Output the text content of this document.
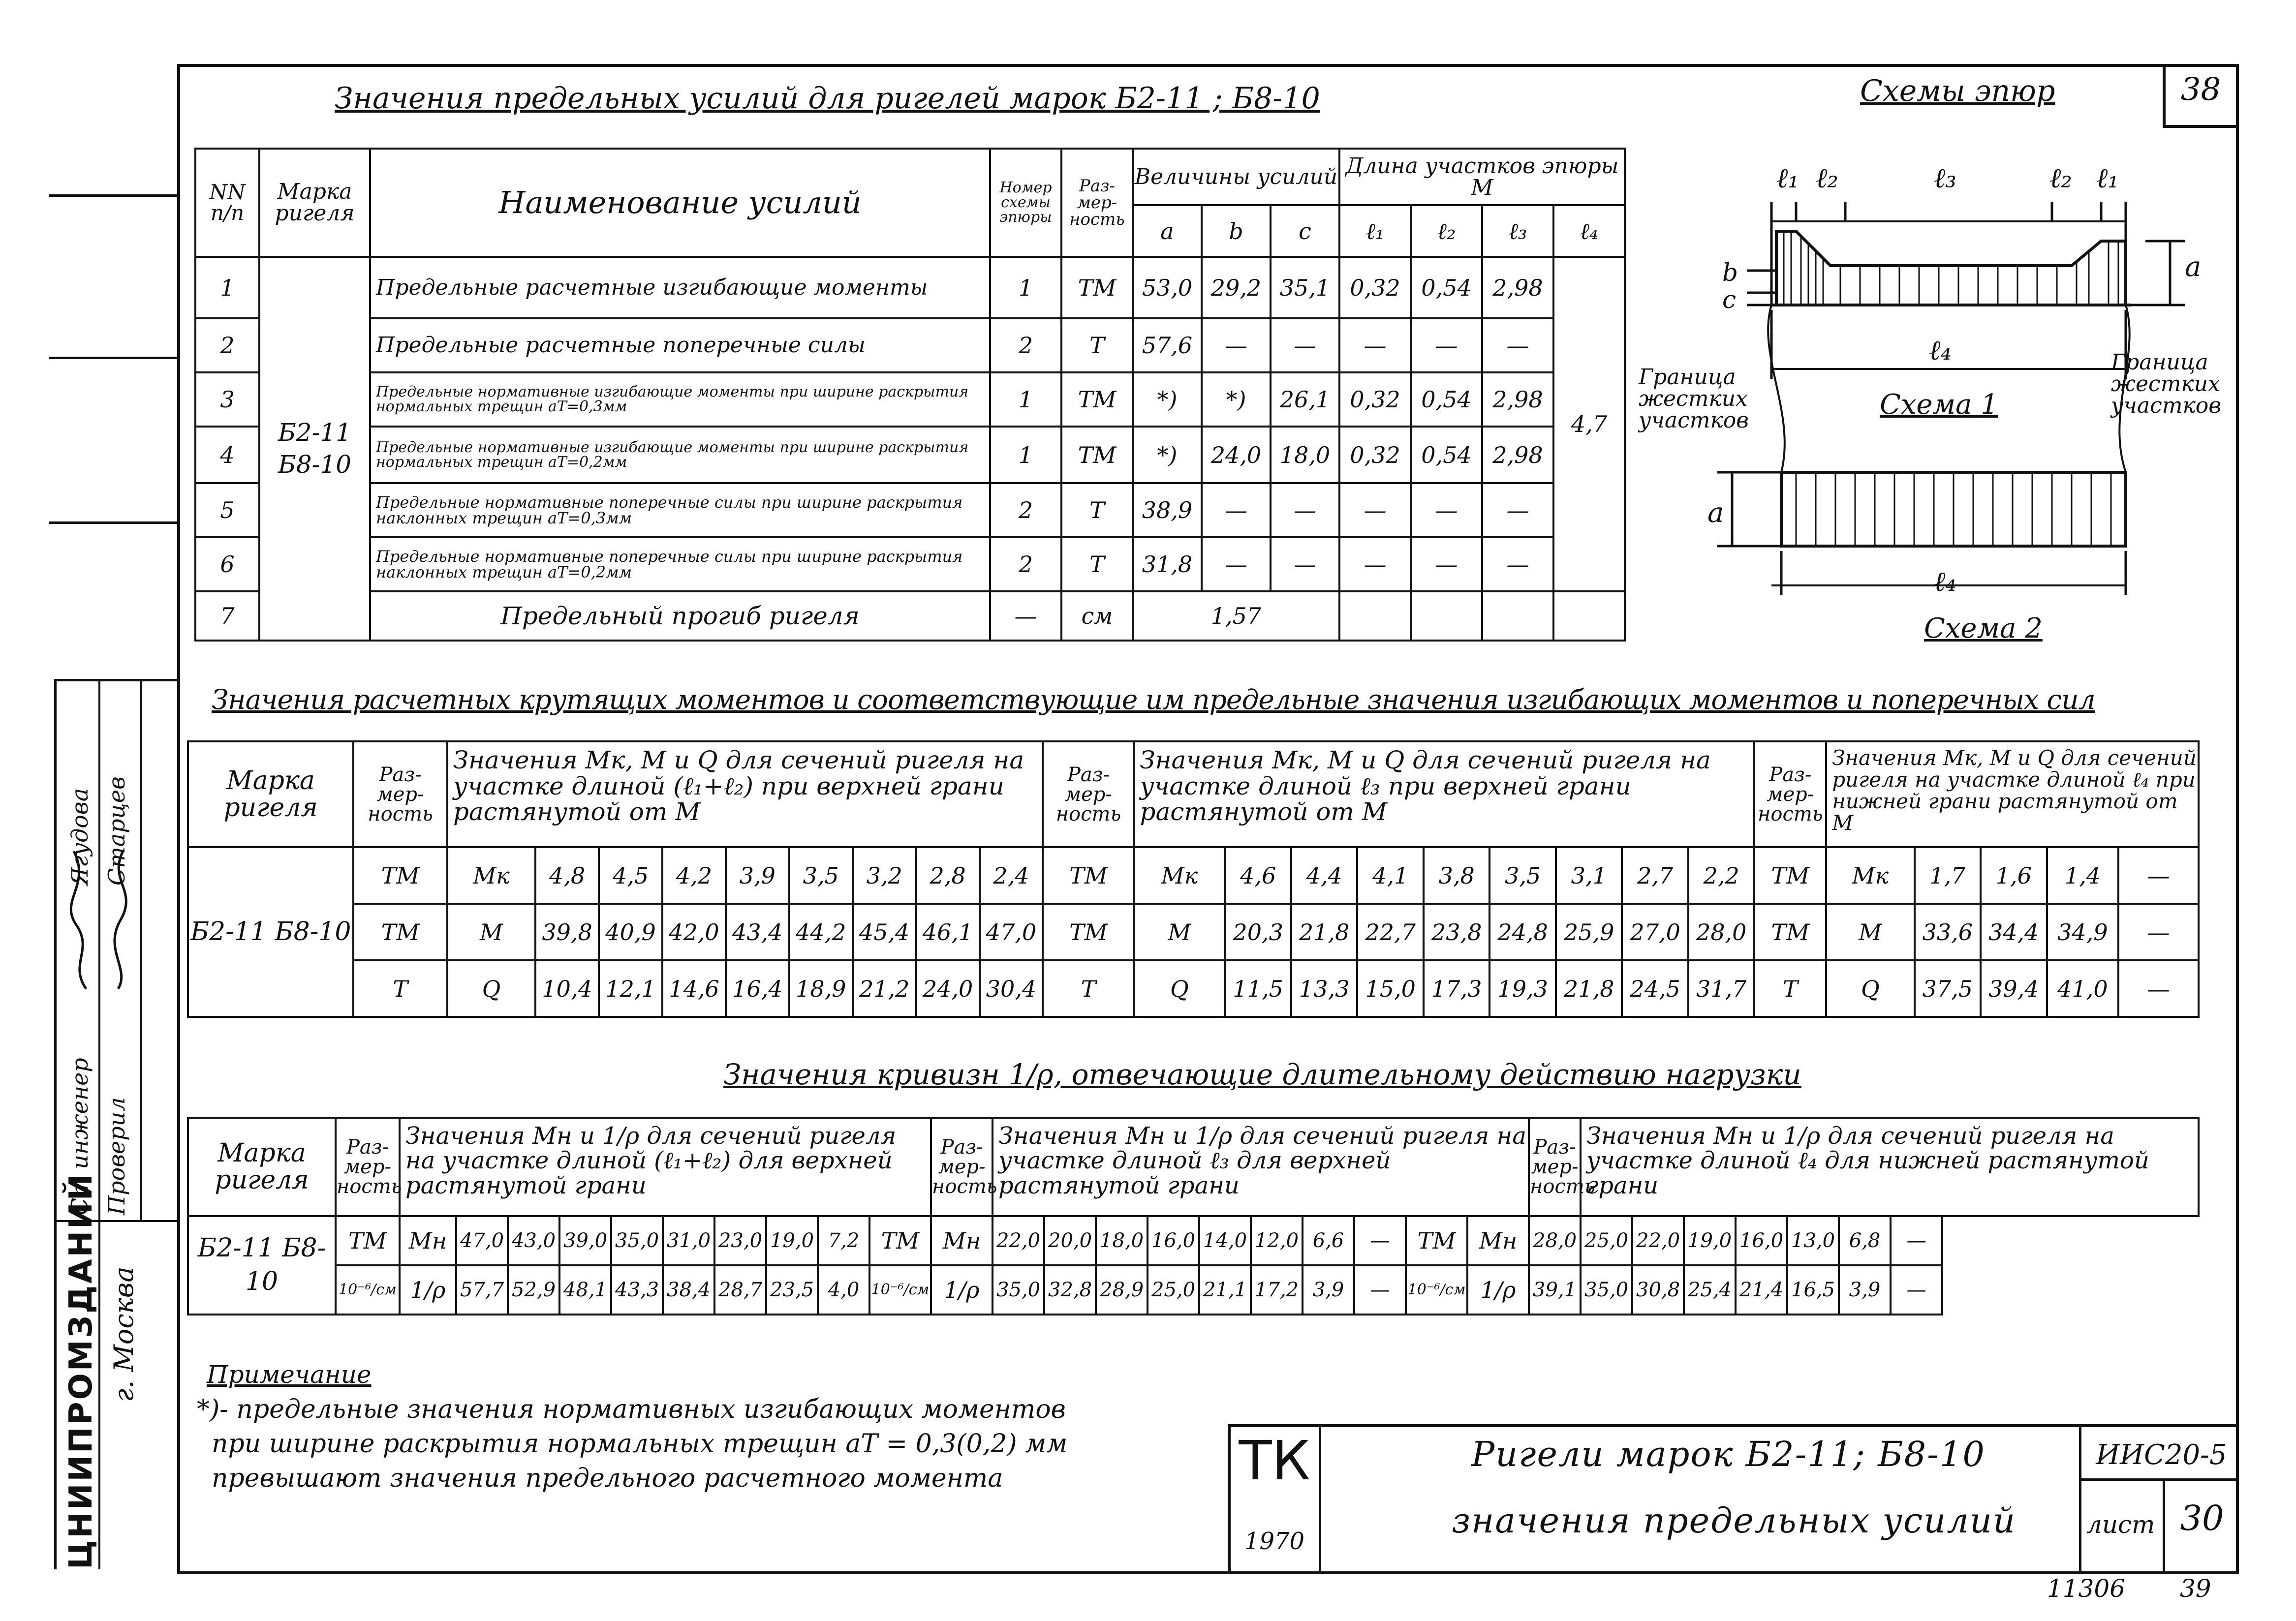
38
Ст инженер Проверил
Ягудова Старцев
ЦНИИПРОМЗДАНИЙ г. Москва
Значения предельных усилий для ригелей марок Б2-11 ; Б8-10
NN п/п	Марка ригеля	Наименование усилий	Номер схемы эпюры	Раз- мер- ность	Величины усилий			Длина участков эпюры М			
					a	b	c	ℓ₁	ℓ₂	ℓ₃	ℓ₄
1	Б2-11 Б8-10	Предельные расчетные изгибающие моменты	1	ТМ	53,0	29,2	35,1	0,32	0,54	2,98	4,7
2		Предельные расчетные поперечные силы	2	Т	57,6	—	—	—	—	—	
3		Предельные нормативные изгибающие моменты при ширине раскрытия нормальных трещин аT=0,3мм	1	ТМ	*)	*)	26,1	0,32	0,54	2,98	
4		Предельные нормативные изгибающие моменты при ширине раскрытия нормальных трещин аT=0,2мм	1	ТМ	*)	24,0	18,0	0,32	0,54	2,98	
5		Предельные нормативные поперечные силы при ширине раскрытия наклонных трещин аT=0,3мм	2	Т	38,9	—	—	—	—	—	
6		Предельные нормативные поперечные силы при ширине раскрытия наклонных трещин аT=0,2мм	2	Т	31,8	—	—	—	—	—	
7		Предельный прогиб ригеля	—	см	1,57						
Схемы эпюр
ℓ₁ ℓ₂	ℓ₃	ℓ₂ ℓ₁
c
b	a
ℓ₄
Граница жестких участков
Граница жестких участков
Схема 1
a
ℓ₄
Схема 2
Значения расчетных крутящих моментов и соответствующие им предельные значения изгибающих моментов и поперечных сил
Марка ригеля	Раз- мер- ность	Значения Мк, М и Q для сечений ригеля на участке длиной (ℓ₁+ℓ₂) при верхней грани растянутой от М									Раз- мер- ность	Значения Мк, М и Q для сечений ригеля на участке длиной ℓ₃ при верхней грани растянутой от М									Раз- мер- ность	Значения Мк, М и Q для сечений ригеля на участке длиной ℓ₄ при нижней грани растянутой от М				
Б2-11 Б8-10	ТМ	Мк	4,8	4,5	4,2	3,9	3,5	3,2	2,8	2,4	ТМ	Мк	4,6	4,4	4,1	3,8	3,5	3,1	2,7	2,2	ТМ	Мк	1,7	1,6	1,4	—
	ТМ	М	39,8	40,9	42,0	43,4	44,2	45,4	46,1	47,0	ТМ	М	20,3	21,8	22,7	23,8	24,8	25,9	27,0	28,0	ТМ	М	33,6	34,4	34,9	—
	Т	Q	10,4	12,1	14,6	16,4	18,9	21,2	24,0	30,4	Т	Q	11,5	13,3	15,0	17,3	19,3	21,8	24,5	31,7	Т	Q	37,5	39,4	41,0	—
Значения кривизн 1/ρ, отвечающие длительному действию нагрузки
Марка ригеля	Раз- мер- ность	Значения Мн и 1/ρ для сечений ригеля на участке длиной (ℓ₁+ℓ₂) для верхней растянутой грани										Раз- мер- ность	Значения Мн и 1/ρ для сечений ригеля на участке длиной ℓ₃ для верхней растянутой грани										Раз- мер- ность	Значения Мн и 1/ρ для сечений ригеля на участке длиной ℓ₄ для нижней растянутой грани						
Б2-11 Б8-10	ТМ	Мн	47,0	43,0	39,0	35,0	31,0	23,0	19,0	7,2	ТМ	Мн	22,0	20,0	18,0	16,0	14,0	12,0	6,6	—	ТМ	Мн	28,0	25,0	22,0	19,0	16,0	13,0	6,8	—
	10⁻⁶/см	1/ρ	57,7	52,9	48,1	43,3	38,4	28,7	23,5	4,0	10⁻⁶/см	1/ρ	35,0	32,8	28,9	25,0	21,1	17,2	3,9	—	10⁻⁶/см	1/ρ	39,1	35,0	30,8	25,4	21,4	16,5	3,9	—
Примечание
*)- предельные значения нормативных изгибающих моментов
при ширине раскрытия нормальных трещин аT = 0,3(0,2) мм
превышают значения предельного расчетного момента	ТК
1970
Ригели марок Б2-11; Б8-10
значения предельных усилий
ИИС20-5
лист 30
11306 39
